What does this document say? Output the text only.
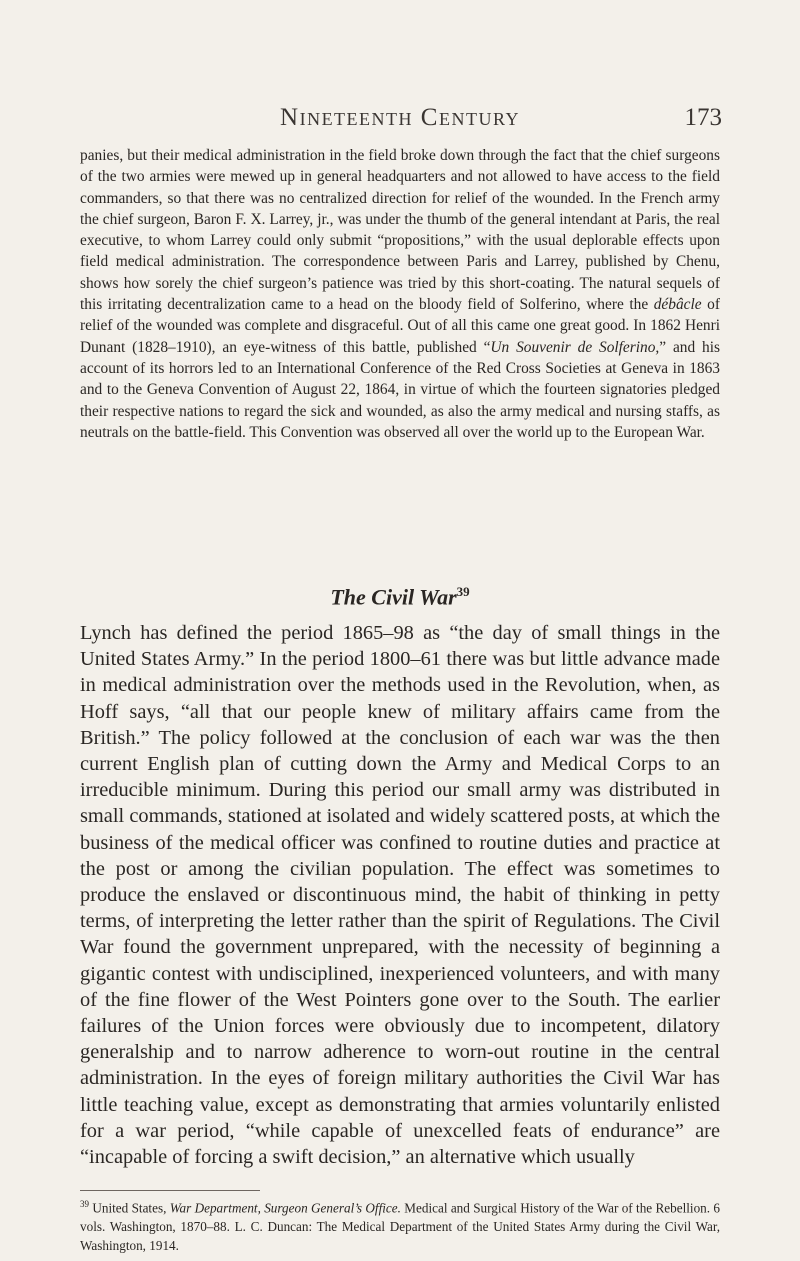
Nineteenth Century	173

panies, but their medical administration in the field broke down through the fact that the chief surgeons of the two armies were mewed up in general headquarters and not allowed to have access to the field commanders, so that there was no centralized direction for relief of the wounded. In the French army the chief surgeon, Baron F. X. Larrey, jr., was under the thumb of the general intendant at Paris, the real executive, to whom Larrey could only submit “propositions,” with the usual deplorable effects upon field medical administration. The correspondence between Paris and Larrey, published by Chenu, shows how sorely the chief surgeon’s patience was tried by this short-coating. The natural sequels of this irritating decentralization came to a head on the bloody field of Solferino, where the débâcle of relief of the wounded was complete and disgraceful. Out of all this came one great good. In 1862 Henri Dunant (1828–1910), an eye-witness of this battle, published “Un Souvenir de Solferino,” and his account of its horrors led to an International Conference of the Red Cross Societies at Geneva in 1863 and to the Geneva Convention of August 22, 1864, in virtue of which the fourteen signatories pledged their respective nations to regard the sick and wounded, as also the army medical and nursing staffs, as neutrals on the battle-field. This Convention was observed all over the world up to the European War.

The Civil War$^{39}$

Lynch has defined the period 1865–98 as “the day of small things in the United States Army.” In the period 1800–61 there was but little advance made in medical administration over the methods used in the Revolution, when, as Hoff says, “all that our people knew of military affairs came from the British.” The policy followed at the conclusion of each war was the then current English plan of cutting down the Army and Medical Corps to an irreducible minimum. During this period our small army was distributed in small commands, stationed at isolated and widely scattered posts, at which the business of the medical officer was confined to routine duties and practice at the post or among the civilian population. The effect was sometimes to produce the enslaved or discontinuous mind, the habit of thinking in petty terms, of interpreting the letter rather than the spirit of Regulations. The Civil War found the government unprepared, with the necessity of beginning a gigantic contest with undisciplined, inexperienced volunteers, and with many of the fine flower of the West Pointers gone over to the South. The earlier failures of the Union forces were obviously due to incompetent, dilatory generalship and to narrow adherence to worn-out routine in the central administration. In the eyes of foreign military authorities the Civil War has little teaching value, except as demonstrating that armies voluntarily enlisted for a war period, “while capable of unexcelled feats of endurance” are “incapable of forcing a swift decision,” an alternative which usually

$^{39}$ United States, War Department, Surgeon General’s Office. Medical and Surgical History of the War of the Rebellion. 6 vols. Washington, 1870–88. L. C. Duncan: The Medical Department of the United States Army during the Civil War, Washington, 1914.
